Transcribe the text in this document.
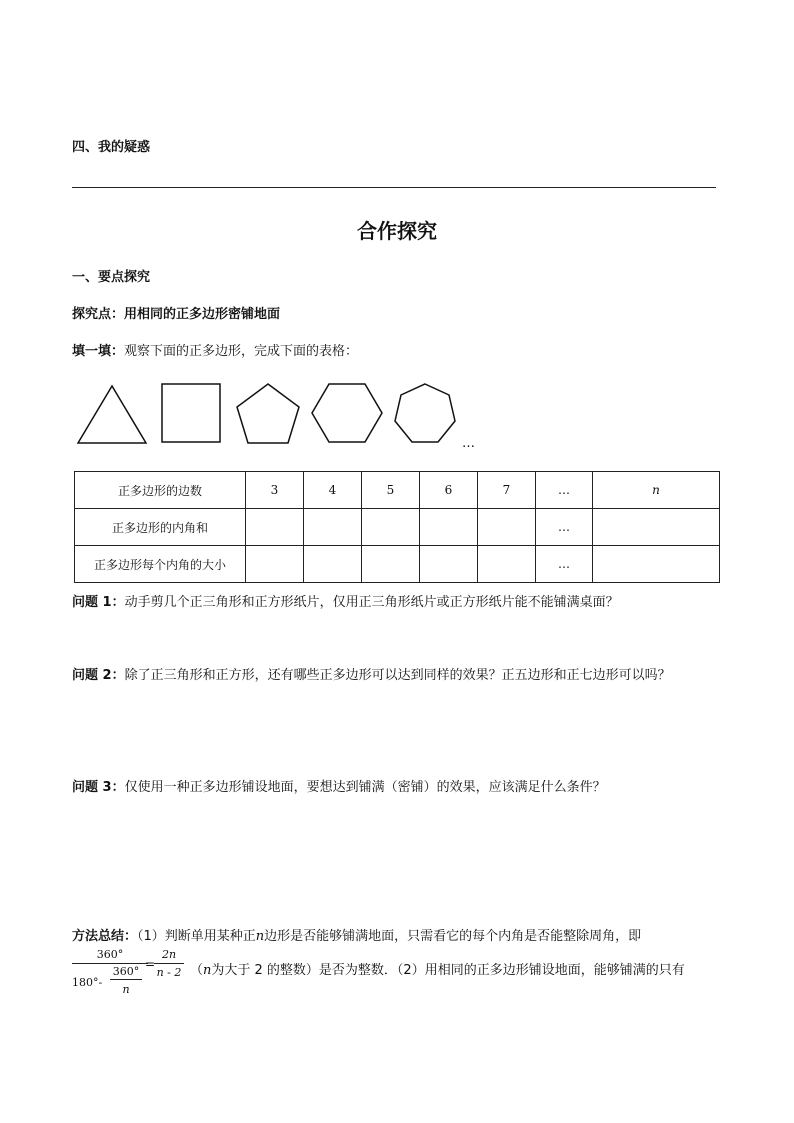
四、我的疑惑
合作探究
一、要点探究
探究点：用相同的正多边形密铺地面
填一填：观察下面的正多边形，完成下面的表格：
…
正多边形的边数	3	4	5	6	7	…	n
正多边形的内角和						…	
正多边形每个内角的大小						…	
问题 1：动手剪几个正三角形和正方形纸片，仅用正三角形纸片或正方形纸片能不能铺满桌面？
问题 2：除了正三角形和正方形，还有哪些正多边形可以达到同样的效果？正五边形和正七边形可以吗？
问题 3：仅使用一种正多边形铺设地面，要想达到铺满（密铺）的效果，应该满足什么条件？
方法总结：（1）判断单用某种正n边形是否能够铺满地面，只需看它的每个内角是否能整除周角，即
360°
180°-
360°
n
=
2n
n - 2 （n为大于 2 的整数）是否为整数．（2）用相同的正多边形铺设地面，能够铺满的只有
